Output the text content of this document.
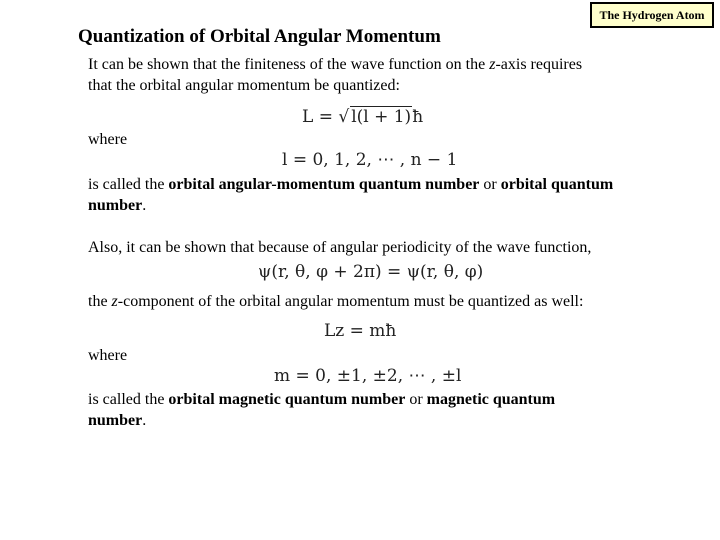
The Hydrogen Atom
Quantization of Orbital Angular Momentum
It can be shown that the finiteness of the wave function on the z-axis requires
that the orbital angular momentum be quantized:
L = √ l(l + 1)ħ
where
l = 0, 1, 2, ⋯ , n − 1
is called the orbital angular-momentum quantum number or orbital quantum
number.
Also, it can be shown that because of angular periodicity of the wave function,
ψ(r, θ, φ + 2π) = ψ(r, θ, φ)
the z-component of the orbital angular momentum must be quantized as well:
Lz = mħ
where
m = 0, ±1, ±2, ⋯ , ±l
is called the orbital magnetic quantum number or magnetic quantum
number.
